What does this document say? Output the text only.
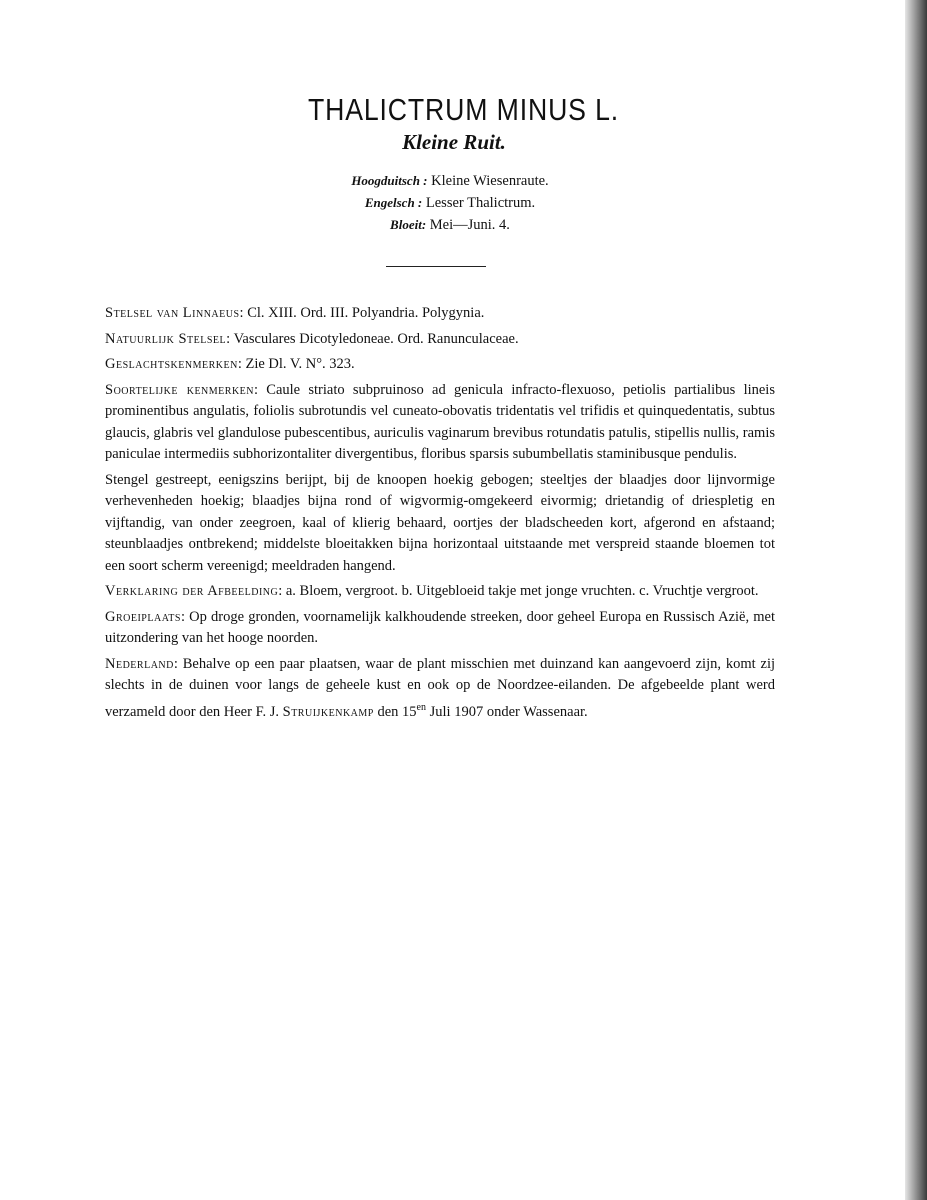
THALICTRUM MINUS L.
Kleine Ruit.
Hoogduitsch : Kleine Wiesenraute.
Engelsch : Lesser Thalictrum.
Bloeit: Mei—Juni. 4.

Stelsel van Linnaeus: Cl. XIII. Ord. III. Polyandria. Polygynia.

Natuurlijk Stelsel: Vasculares Dicotyledoneae. Ord. Ranunculaceae.

Geslachtskenmerken: Zie Dl. V. N°. 323.

Soortelijke kenmerken: Caule striato subpruinoso ad genicula infracto-flexuoso, petiolis partialibus lineis prominentibus angulatis, foliolis subrotundis vel cuneato-obovatis tridentatis vel trifidis et quinquedentatis, subtus glaucis, glabris vel glandulose pubescentibus, auriculis vaginarum brevibus rotundatis patulis, stipellis nullis, ramis paniculae intermediis subhorizontaliter divergentibus, floribus sparsis subumbellatis staminibusque pendulis.

Stengel gestreept, eenigszins berijpt, bij de knoopen hoekig gebogen; steeltjes der blaadjes door lijnvormige verhevenheden hoekig; blaadjes bijna rond of wigvormig-omgekeerd eivormig; drietandig of driespletig en vijftandig, van onder zeegroen, kaal of klierig behaard, oortjes der bladscheeden kort, afgerond en afstaand; steunblaadjes ontbrekend; middelste bloeitakken bijna horizontaal uitstaande met verspreid staande bloemen tot een soort scherm vereenigd; meeldraden hangend.

Verklaring der Afbeelding: a. Bloem, vergroot. b. Uitgebloeid takje met jonge vruchten. c. Vruchtje vergroot.

Groeiplaats: Op droge gronden, voornamelijk kalkhoudende streeken, door geheel Europa en Russisch Azië, met uitzondering van het hooge noorden.

Nederland: Behalve op een paar plaatsen, waar de plant misschien met duinzand kan aangevoerd zijn, komt zij slechts in de duinen voor langs de geheele kust en ook op de Noordzee-eilanden. De afgebeelde plant werd verzameld door den Heer F. J. Struijkenkamp den $15^{en}$ Juli 1907 onder Wassenaar.
